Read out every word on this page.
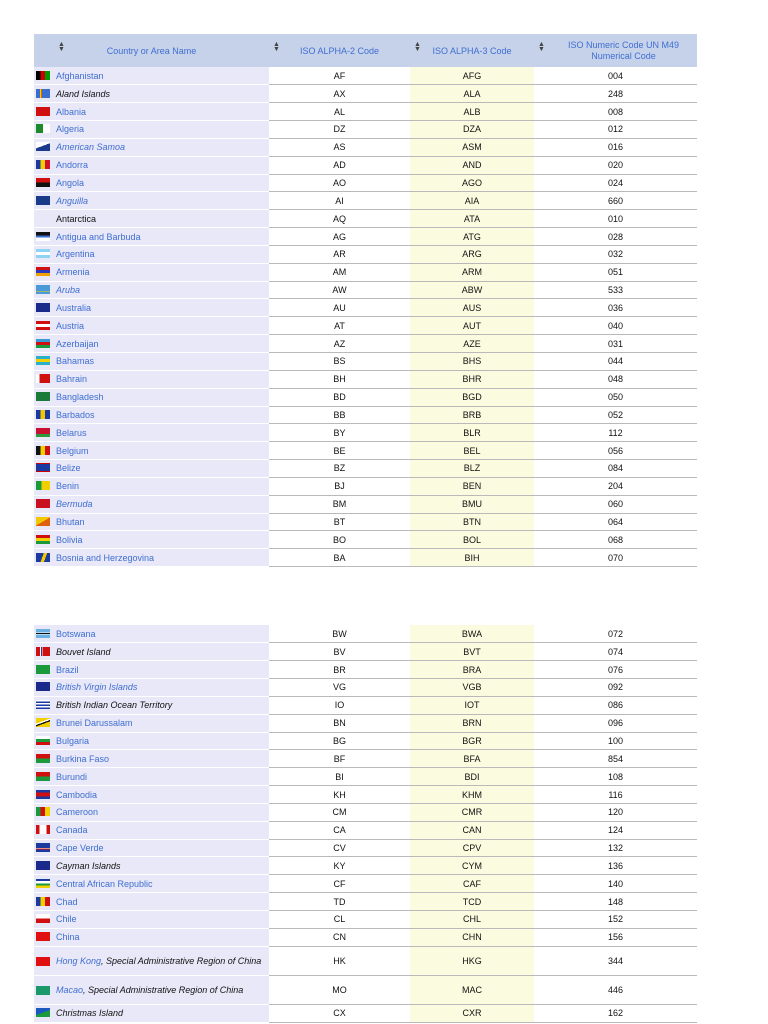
▲
▼ Country or Area Name	▲
▼ ISO ALPHA-2 Code	▲
▼ ISO ALPHA-3 Code	▲
▼ ISO Numeric Code UN M49 Numerical Code
Afghanistan	AF	AFG	004
Aland Islands	AX	ALA	248
Albania	AL	ALB	008
Algeria	DZ	DZA	012
American Samoa	AS	ASM	016
Andorra	AD	AND	020
Angola	AO	AGO	024
Anguilla	AI	AIA	660
Antarctica	AQ	ATA	010
Antigua and Barbuda	AG	ATG	028
Argentina	AR	ARG	032
Armenia	AM	ARM	051
Aruba	AW	ABW	533
Australia	AU	AUS	036
Austria	AT	AUT	040
Azerbaijan	AZ	AZE	031
Bahamas	BS	BHS	044
Bahrain	BH	BHR	048
Bangladesh	BD	BGD	050
Barbados	BB	BRB	052
Belarus	BY	BLR	112
Belgium	BE	BEL	056
Belize	BZ	BLZ	084
Benin	BJ	BEN	204
Bermuda	BM	BMU	060
Bhutan	BT	BTN	064
Bolivia	BO	BOL	068
Bosnia and Herzegovina	BA	BIH	070
Botswana	BW	BWA	072
Bouvet Island	BV	BVT	074
Brazil	BR	BRA	076
British Virgin Islands	VG	VGB	092
British Indian Ocean Territory	IO	IOT	086
Brunei Darussalam	BN	BRN	096
Bulgaria	BG	BGR	100
Burkina Faso	BF	BFA	854
Burundi	BI	BDI	108
Cambodia	KH	KHM	116
Cameroon	CM	CMR	120
Canada	CA	CAN	124
Cape Verde	CV	CPV	132
Cayman Islands	KY	CYM	136
Central African Republic	CF	CAF	140
Chad	TD	TCD	148
Chile	CL	CHL	152
China	CN	CHN	156
Hong Kong, Special Administrative Region of China	HK	HKG	344
Macao, Special Administrative Region of China	MO	MAC	446
Christmas Island	CX	CXR	162
